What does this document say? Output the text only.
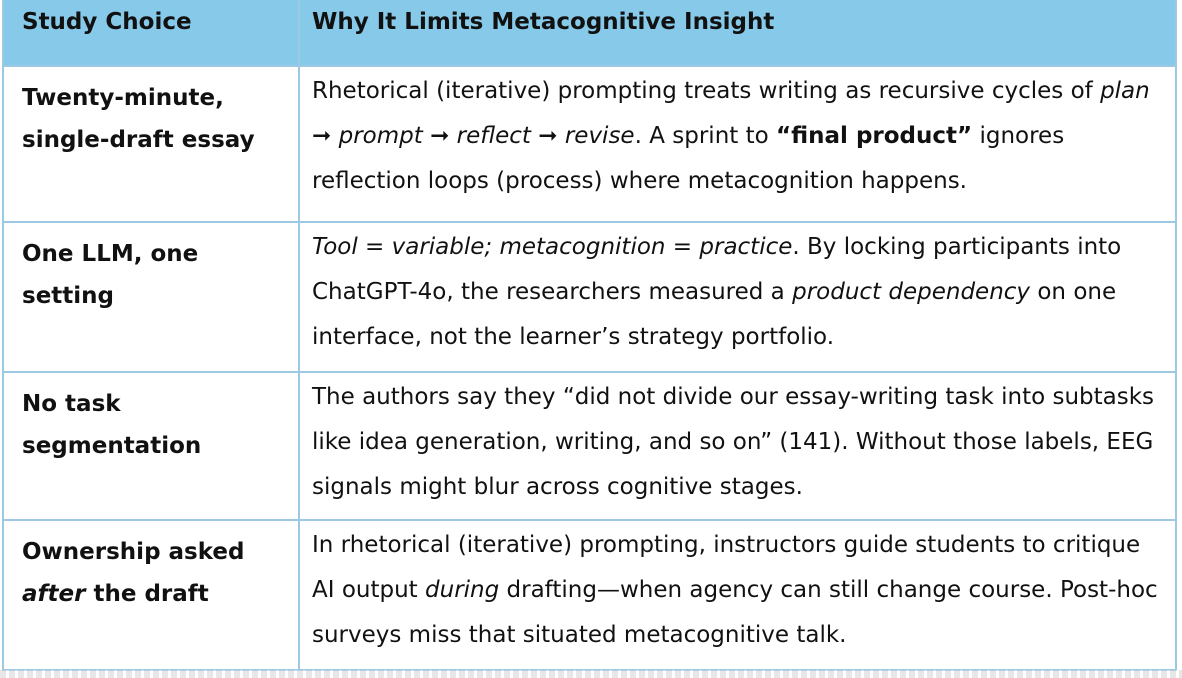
Study Choice	Why It Limits Metacognitive Insight
Twenty-minute, single-draft essay	Rhetorical (iterative) prompting treats writing as recursive cycles of plan ➞ prompt ➞ reflect ➞ revise. A sprint to “final product” ignores reflection loops (process) where metacognition happens.
One LLM, one setting	Tool = variable; metacognition = practice. By locking participants into ChatGPT-4o, the researchers measured a product dependency on one interface, not the learner’s strategy portfolio.
No task segmentation	The authors say they “did not divide our essay-writing task into subtasks like idea generation, writing, and so on” (141). Without those labels, EEG signals might blur across cognitive stages.
Ownership asked after the draft	In rhetorical (iterative) prompting, instructors guide students to critique AI output during drafting—when agency can still change course. Post-hoc surveys miss that situated metacognitive talk.
